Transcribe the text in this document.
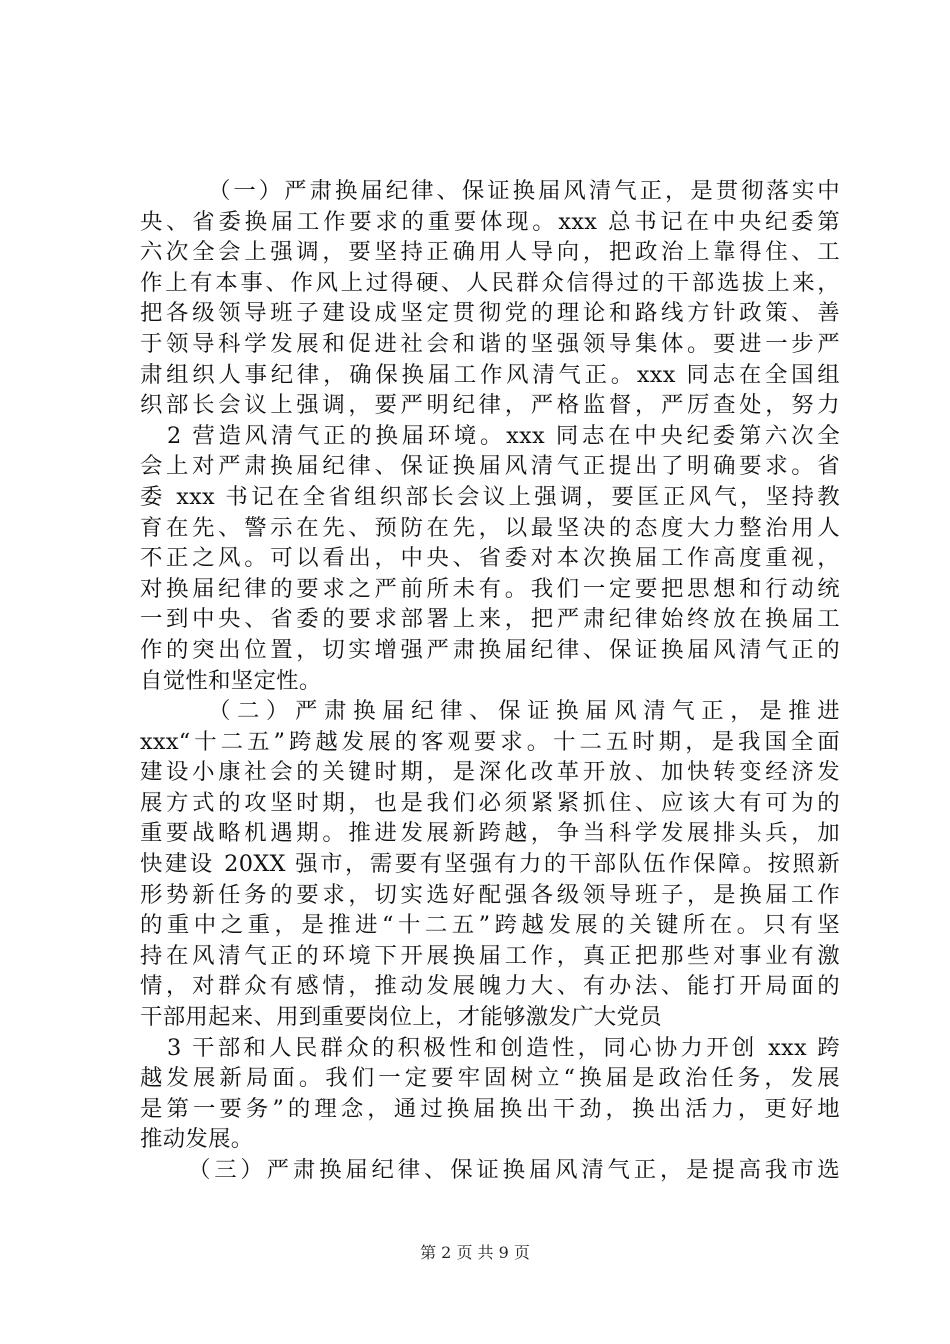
（一）严肃换届纪律、保证换届风清气正，是贯彻落实中
央、省委换届工作要求的重要体现。xxx 总书记在中央纪委第
六次全会上强调，要坚持正确用人导向，把政治上靠得住、工
作上有本事、作风上过得硬、人民群众信得过的干部选拔上来，
把各级领导班子建设成坚定贯彻党的理论和路线方针政策、善
于领导科学发展和促进社会和谐的坚强领导集体。要进一步严
肃组织人事纪律，确保换届工作风清气正。xxx 同志在全国组
织部长会议上强调，要严明纪律，严格监督，严厉查处，努力
2 营造风清气正的换届环境。xxx 同志在中央纪委第六次全
会上对严肃换届纪律、保证换届风清气正提出了明确要求。省
委 xxx 书记在全省组织部长会议上强调，要匡正风气，坚持教
育在先、警示在先、预防在先，以最坚决的态度大力整治用人
不正之风。可以看出，中央、省委对本次换届工作高度重视，
对换届纪律的要求之严前所未有。我们一定要把思想和行动统
一到中央、省委的要求部署上来，把严肃纪律始终放在换届工
作的突出位置，切实增强严肃换届纪律、保证换届风清气正的
自觉性和坚定性。
（二）严肃换届纪律、保证换届风清气正，是推进
xxx“十二五”跨越发展的客观要求。十二五时期，是我国全面
建设小康社会的关键时期，是深化改革开放、加快转变经济发
展方式的攻坚时期，也是我们必须紧紧抓住、应该大有可为的
重要战略机遇期。推进发展新跨越，争当科学发展排头兵，加
快建设 20XX 强市，需要有坚强有力的干部队伍作保障。按照新
形势新任务的要求，切实选好配强各级领导班子，是换届工作
的重中之重，是推进“十二五”跨越发展的关键所在。只有坚
持在风清气正的环境下开展换届工作，真正把那些对事业有激
情，对群众有感情，推动发展魄力大、有办法、能打开局面的
干部用起来、用到重要岗位上，才能够激发广大党员
3 干部和人民群众的积极性和创造性，同心协力开创 xxx 跨
越发展新局面。我们一定要牢固树立“换届是政治任务，发展
是第一要务”的理念，通过换届换出干劲，换出活力，更好地
推动发展。
（三）严肃换届纪律、保证换届风清气正，是提高我市选
第 2 页 共 9 页
